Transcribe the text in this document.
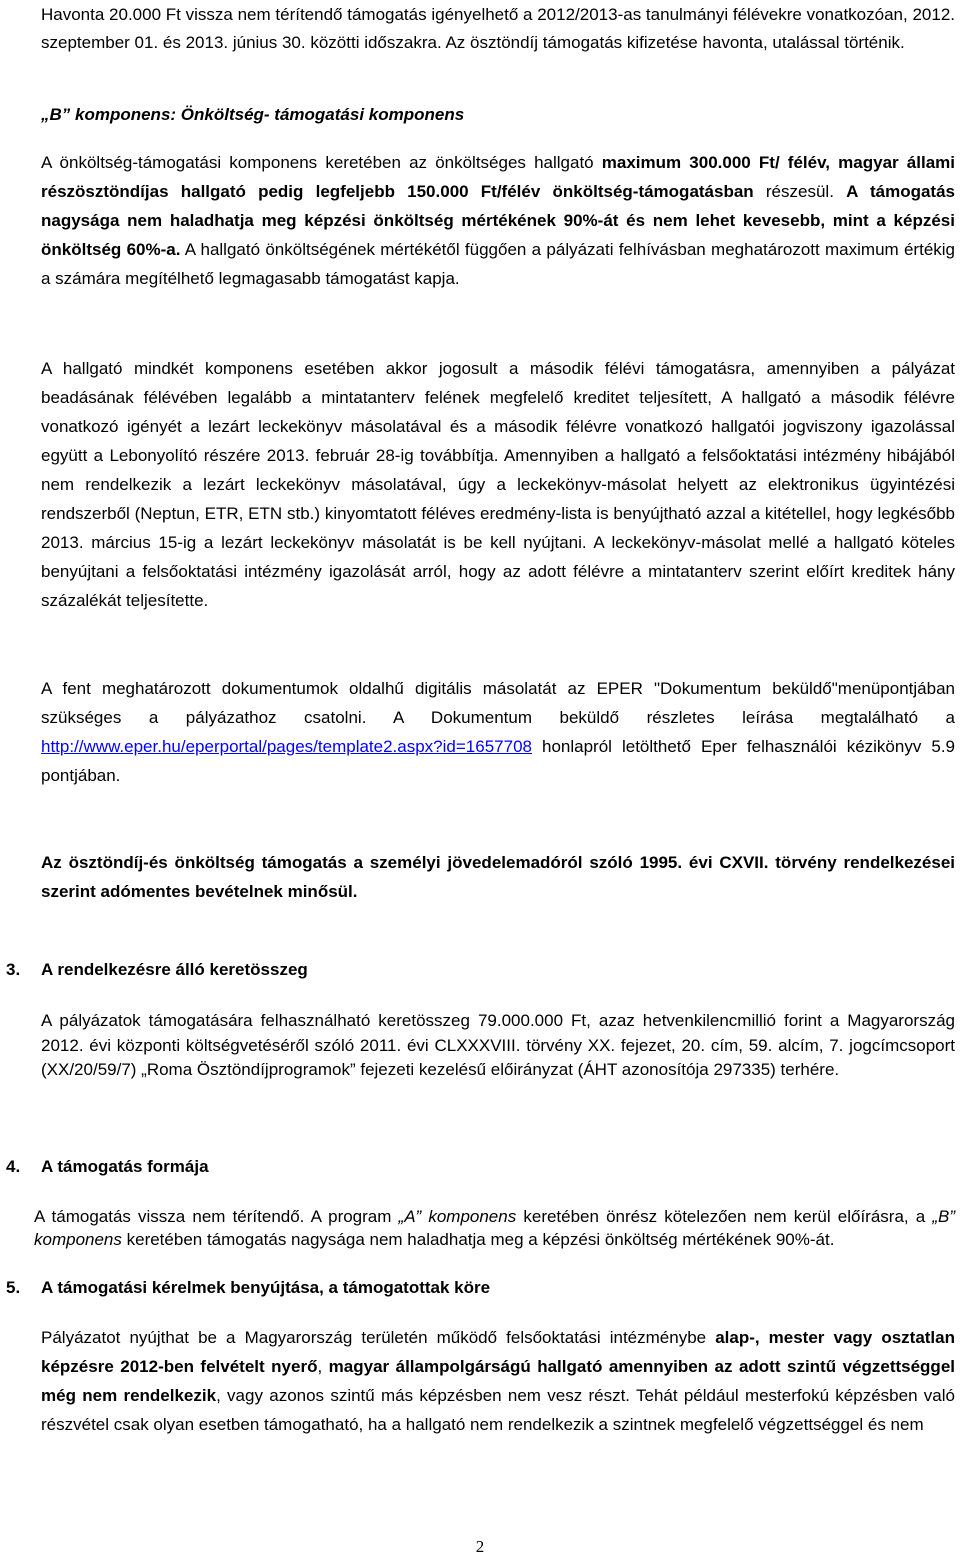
Havonta 20.000 Ft vissza nem térítendő támogatás igényelhető a 2012/2013-as tanulmányi félévekre vonatkozóan, 2012. szeptember 01. és 2013. június 30. közötti időszakra. Az ösztöndíj támogatás kifizetése havonta, utalással történik.

„B” komponens: Önköltség- támogatási komponens

A önköltség-támogatási komponens keretében az önköltséges hallgató maximum 300.000 Ft/ félév, magyar állami részösztöndíjas hallgató pedig legfeljebb 150.000 Ft/félév önköltség-támogatásban részesül. A támogatás nagysága nem haladhatja meg képzési önköltség mértékének 90%-át és nem lehet kevesebb, mint a képzési önköltség 60%-a. A hallgató önköltségének mértékétől függően a pályázati felhívásban meghatározott maximum értékig a számára megítélhető legmagasabb támogatást kapja.

A hallgató mindkét komponens esetében akkor jogosult a második félévi támogatásra, amennyiben a pályázat beadásának félévében legalább a mintatanterv felének megfelelő kreditet teljesített, A hallgató a második félévre vonatkozó igényét a lezárt leckekönyv másolatával és a második félévre vonatkozó hallgatói jogviszony igazolással együtt a Lebonyolító részére 2013. február 28-ig továbbítja. Amennyiben a hallgató a felsőoktatási intézmény hibájából nem rendelkezik a lezárt leckekönyv másolatával, úgy a leckekönyv-másolat helyett az elektronikus ügyintézési rendszerből (Neptun, ETR, ETN stb.) kinyomtatott féléves eredmény-lista is benyújtható azzal a kitétellel, hogy legkésőbb 2013. március 15-ig a lezárt leckekönyv másolatát is be kell nyújtani. A leckekönyv-másolat mellé a hallgató köteles benyújtani a felsőoktatási intézmény igazolását arról, hogy az adott félévre a mintatanterv szerint előírt kreditek hány százalékát teljesítette.

A fent meghatározott dokumentumok oldalhű digitális másolatát az EPER "Dokumentum beküldő"menüpontjában szükséges a pályázathoz csatolni. A Dokumentum beküldő részletes leírása megtalálható a http://www.eper.hu/eperportal/pages/template2.aspx?id=1657708 honlapról letölthető Eper felhasználói kézikönyv 5.9 pontjában.

Az ösztöndíj-és önköltség támogatás a személyi jövedelemadóról szóló 1995. évi CXVII. törvény rendelkezései szerint adómentes bevételnek minősül.

3. A rendelkezésre álló keretösszeg

A pályázatok támogatására felhasználható keretösszeg 79.000.000 Ft, azaz hetvenkilencmillió forint a Magyarország 2012. évi központi költségvetéséről szóló 2011. évi CLXXXVIII. törvény XX. fejezet, 20. cím, 59. alcím, 7. jogcímcsoport (XX/20/59/7) „Roma Ösztöndíjprogramok” fejezeti kezelésű előirányzat (ÁHT azonosítója 297335) terhére.

4. A támogatás formája

A támogatás vissza nem térítendő. A program „A” komponens keretében önrész kötelezően nem kerül előírásra, a „B” komponens keretében támogatás nagysága nem haladhatja meg a képzési önköltség mértékének 90%-át.

5. A támogatási kérelmek benyújtása, a támogatottak köre

Pályázatot nyújthat be a Magyarország területén működő felsőoktatási intézménybe alap-, mester vagy osztatlan képzésre 2012-ben felvételt nyerő, magyar állampolgárságú hallgató amennyiben az adott szintű végzettséggel még nem rendelkezik, vagy azonos szintű más képzésben nem vesz részt. Tehát például mesterfokú képzésben való részvétel csak olyan esetben támogatható, ha a hallgató nem rendelkezik a szintnek megfelelő végzettséggel és nem

2
